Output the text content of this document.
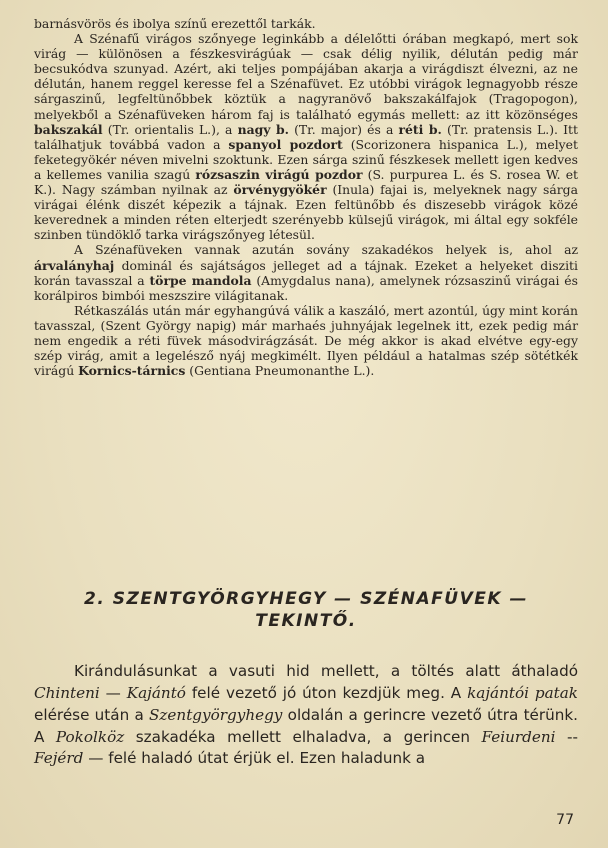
barnásvörös és ibolya színű erezettől tarkák.

A Szénafű virágos szőnyege leginkább a délelőtti órában megkapó, mert sok virág — különösen a fészkesvirágúak — csak délig nyilik, délután pedig már becsukódva szunyad. Azért, aki teljes pompájában akarja a virágdiszt élvezni, az ne délután, hanem reggel keresse fel a Szénafüvet. Ez utóbbi virágok legnagyobb része sárgaszinű, legfeltünőbbek köztük a nagyranövő bakszakálfajok (Tragopogon), melyekből a Szénafüveken három faj is található egymás mellett: az itt közönséges bakszakál (Tr. orientalis L.), a nagy b. (Tr. major) és a réti b. (Tr. pratensis L.). Itt találhatjuk továbbá vadon a spanyol pozdort (Scorizonera hispanica L.), melyet feketegyökér néven mivelni szoktunk. Ezen sárga szinű fészkesek mellett igen kedves a kellemes vanilia szagú rózsaszin virágú pozdor (S. purpurea L. és S. rosea W. et K.). Nagy számban nyilnak az örvénygyökér (Inula) fajai is, melyeknek nagy sárga virágai élénk diszét képezik a tájnak. Ezen feltünőbb és diszesebb virágok közé keverednek a minden réten elterjedt szerényebb külsejű virágok, mi által egy sokféle szinben tündöklő tarka virágszőnyeg létesül.

A Szénafüveken vannak azután sovány szakadékos helyek is, ahol az árvalányhaj dominál és sajátságos jelleget ad a tájnak. Ezeket a helyeket disziti korán tavasszal a törpe mandola (Amygdalus nana), amelynek rózsaszinű virágai és korálpiros bimbói meszszire világitanak.

Rétkaszálás után már egyhangúvá válik a kaszáló, mert azontúl, úgy mint korán tavasszal, (Szent György napig) már marhaés juhnyájak legelnek itt, ezek pedig már nem engedik a réti füvek másodvirágzását. De még akkor is akad elvétve egy-egy szép virág, amit a legelésző nyáj megkimélt. Ilyen például a hatalmas szép sötétkék virágú Kornics-tárnics (Gentiana Pneumonanthe L.).

2. SZENTGYÖRGYHEGY — SZÉNAFÜVEK —
TEKINTŐ.

Kirándulásunkat a vasuti hid mellett, a töltés alatt áthaladó Chinteni — Kajántó felé vezető jó úton kezdjük meg. A kajántói patak elérése után a Szentgyörgyhegy oldalán a gerincre vezető útra térünk. A Pokolköz szakadéka mellett elhaladva, a gerincen Feiurdeni -- Fejérd — felé haladó útat érjük el. Ezen haladunk a

77
